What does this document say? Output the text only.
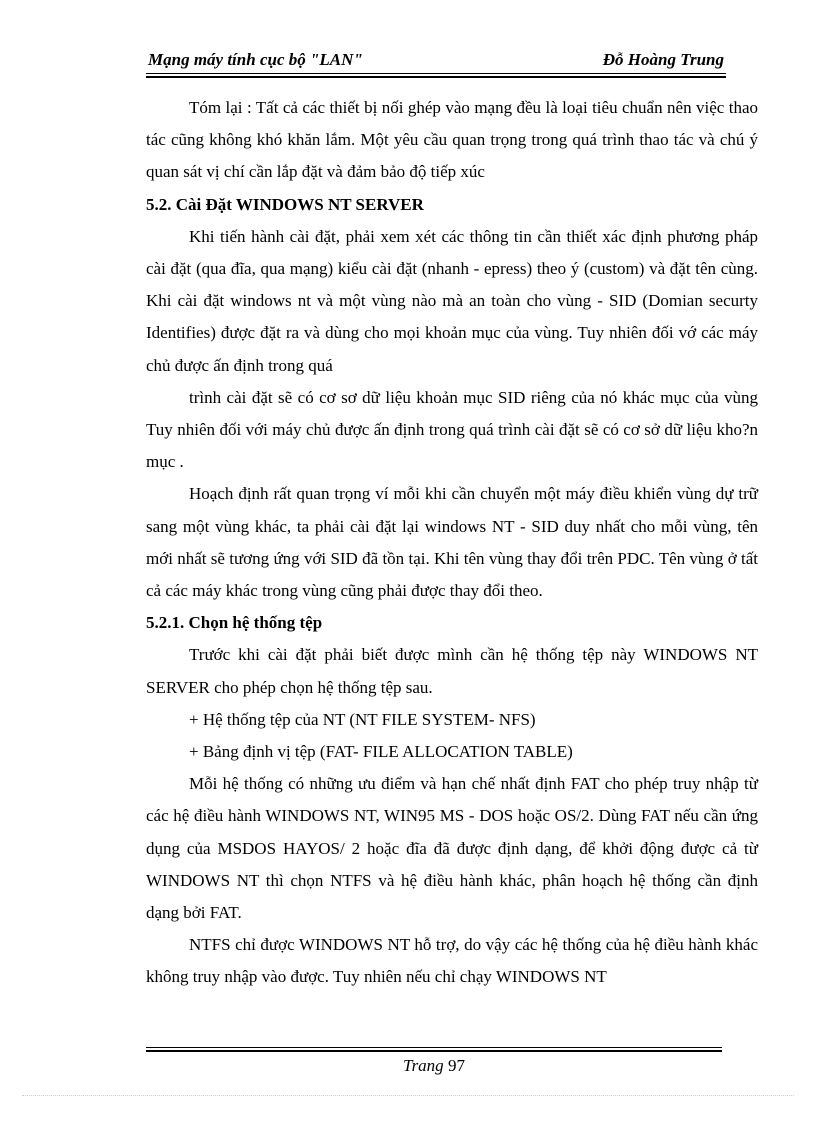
Mạng máy tính cục bộ "LAN"	Đỗ Hoàng Trung

Tóm lại : Tất cả các thiết bị nối ghép vào mạng đều là loại tiêu chuẩn nên việc thao tác cũng không khó khăn lắm. Một yêu cầu quan trọng trong quá trình thao tác và chú ý quan sát vị chí cần lắp đặt và đảm bảo độ tiếp xúc

5.2. Cài Đặt WINDOWS NT SERVER

Khi tiến hành cài đặt, phải xem xét các thông tin cần thiết xác định phương pháp cài đặt (qua đĩa, qua mạng) kiểu cài đặt (nhanh - epress) theo ý (custom) và đặt tên cùng. Khi cài đặt windows nt và một vùng nào mà an toàn cho vùng - SID (Domian securty Identifies) được đặt ra và dùng cho mọi khoản mục của vùng. Tuy nhiên đối vớ các máy chủ được ấn định trong quá

trình cài đặt sẽ có cơ sơ dữ liệu khoản mục SID riêng của nó khác mục của vùng Tuy nhiên đối với máy chủ được ấn định trong quá trình cài đặt sẽ có cơ sở dữ liệu kho?n mục .

Hoạch định rất quan trọng ví mỗi khi cần chuyển một máy điều khiển vùng dự trữ sang một vùng khác, ta phải cài đặt lại windows NT - SID duy nhất cho mỗi vùng, tên mới nhất sẽ tương ứng với SID đã tồn tại. Khi tên vùng thay đổi trên PDC. Tên vùng ở tất cả các máy khác trong vùng cũng phải được thay đổi theo.

5.2.1. Chọn hệ thống tệp

Trước khi cài đặt phải biết được mình cần hệ thống tệp này WINDOWS NT SERVER cho phép chọn hệ thống tệp sau.

+ Hệ thống tệp của NT (NT FILE SYSTEM- NFS)

+ Bảng định vị tệp (FAT- FILE ALLOCATION TABLE)

Mỗi hệ thống có những ưu điểm và hạn chế nhất định FAT cho phép truy nhập từ các hệ điều hành WINDOWS NT, WIN95 MS - DOS hoặc OS/2. Dùng FAT nếu cần ứng dụng của MSDOS HAYOS/ 2 hoặc đĩa đã được định dạng, để khởi động được cả từ WINDOWS NT thì chọn NTFS và hệ điều hành khác, phân hoạch hệ thống cần định dạng bởi FAT.

NTFS chỉ được WINDOWS NT hỗ trợ, do vậy các hệ thống của hệ điều hành khác không truy nhập vào được. Tuy nhiên nếu chỉ chạy WINDOWS NT

Trang 97
